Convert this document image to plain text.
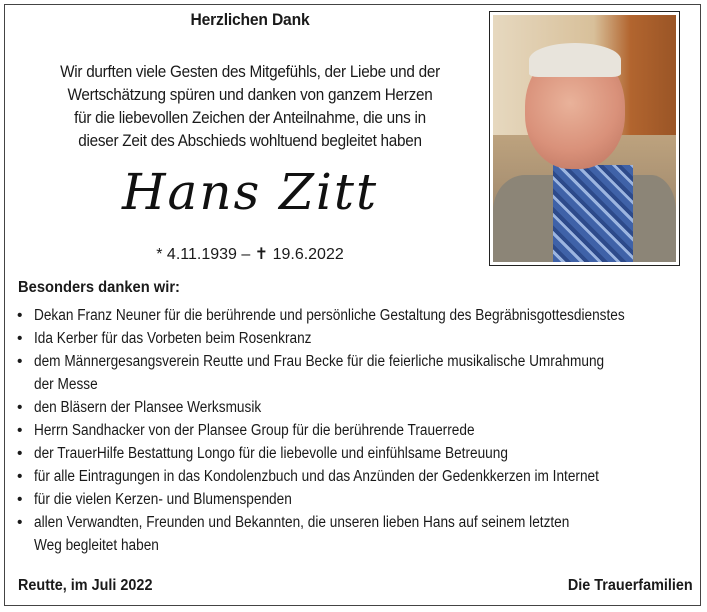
Herzlichen Dank
Wir durften viele Gesten des Mitgefühls, der Liebe und der
Wertschätzung spüren und danken von ganzem Herzen
für die liebevollen Zeichen der Anteilnahme, die uns in
dieser Zeit des Abschieds wohltuend begleitet haben
Hans Zitt
* 4.11.1939 – ✝ 19.6.2022
Besonders danken wir:
• Dekan Franz Neuner für die berührende und persönliche Gestaltung des Begräbnisgottesdienstes
• Ida Kerber für das Vorbeten beim Rosenkranz
• dem Männergesangsverein Reutte und Frau Becke für die feierliche musikalische Umrahmung
der Messe
• den Bläsern der Plansee Werksmusik
• Herrn Sandhacker von der Plansee Group für die berührende Trauerrede
• der TrauerHilfe Bestattung Longo für die liebevolle und einfühlsame Betreuung
• für alle Eintragungen in das Kondolenzbuch und das Anzünden der Gedenkkerzen im Internet
• für die vielen Kerzen- und Blumenspenden
• allen Verwandten, Freunden und Bekannten, die unseren lieben Hans auf seinem letzten
Weg begleitet haben
Reutte, im Juli 2022	Die Trauerfamilien
